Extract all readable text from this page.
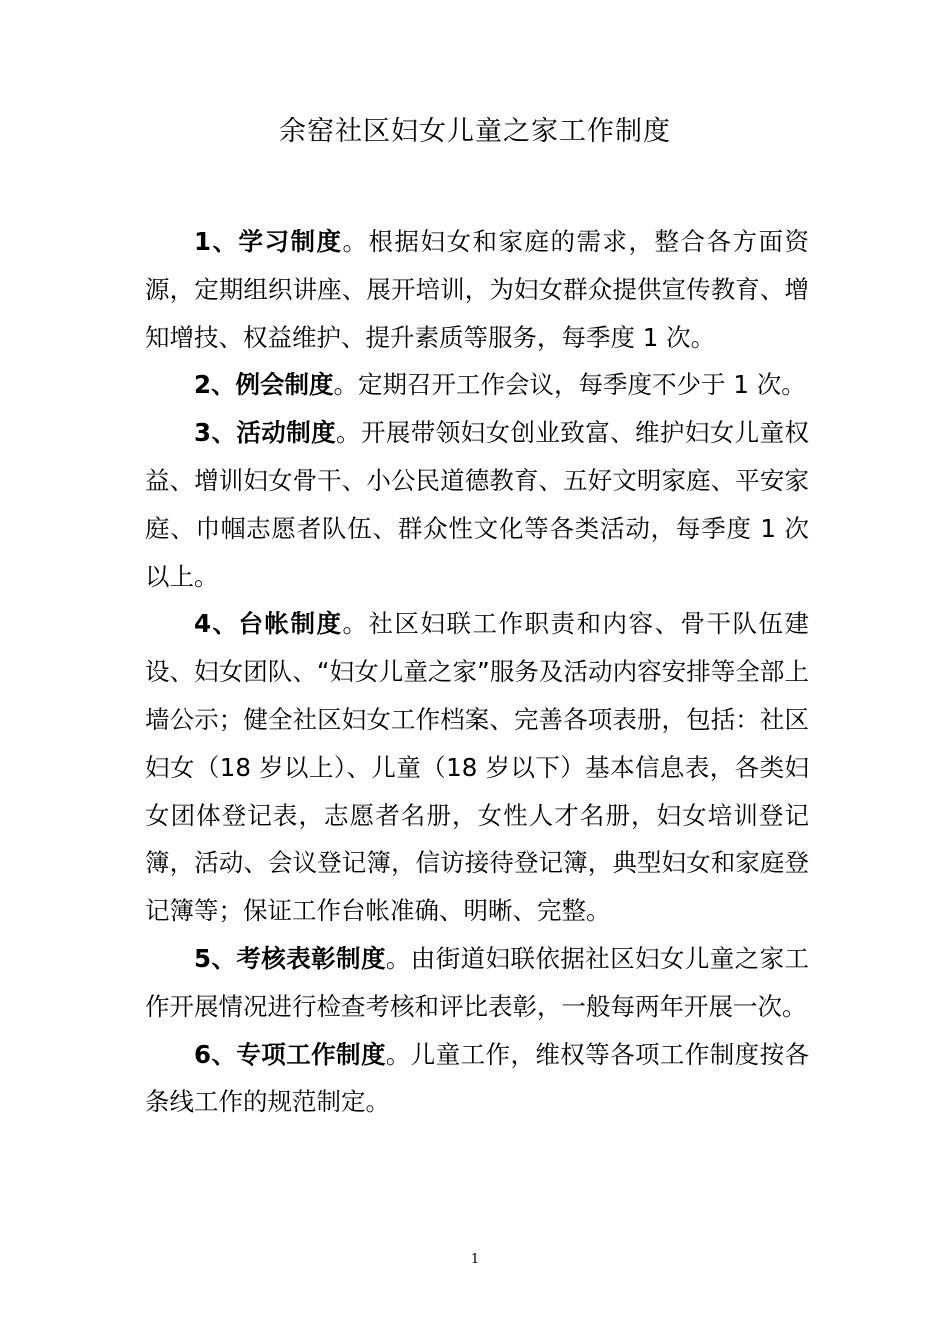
余窑社区妇女儿童之家工作制度

1、学习制度。根据妇女和家庭的需求，整合各方面资源，定期组织讲座、展开培训，为妇女群众提供宣传教育、增知增技、权益维护、提升素质等服务，每季度 1 次。

2、例会制度。定期召开工作会议，每季度不少于 1 次。

3、活动制度。开展带领妇女创业致富、维护妇女儿童权益、增训妇女骨干、小公民道德教育、五好文明家庭、平安家庭、巾帼志愿者队伍、群众性文化等各类活动，每季度 1 次以上。

4、台帐制度。社区妇联工作职责和内容、骨干队伍建设、妇女团队、“妇女儿童之家”服务及活动内容安排等全部上墙公示；健全社区妇女工作档案、完善各项表册，包括：社区妇女（18 岁以上）、儿童（18 岁以下）基本信息表，各类妇女团体登记表，志愿者名册，女性人才名册，妇女培训登记簿，活动、会议登记簿，信访接待登记簿，典型妇女和家庭登记簿等；保证工作台帐准确、明晰、完整。

5、考核表彰制度。由街道妇联依据社区妇女儿童之家工作开展情况进行检查考核和评比表彰，一般每两年开展一次。

6、专项工作制度。儿童工作，维权等各项工作制度按各条线工作的规范制定。

1
